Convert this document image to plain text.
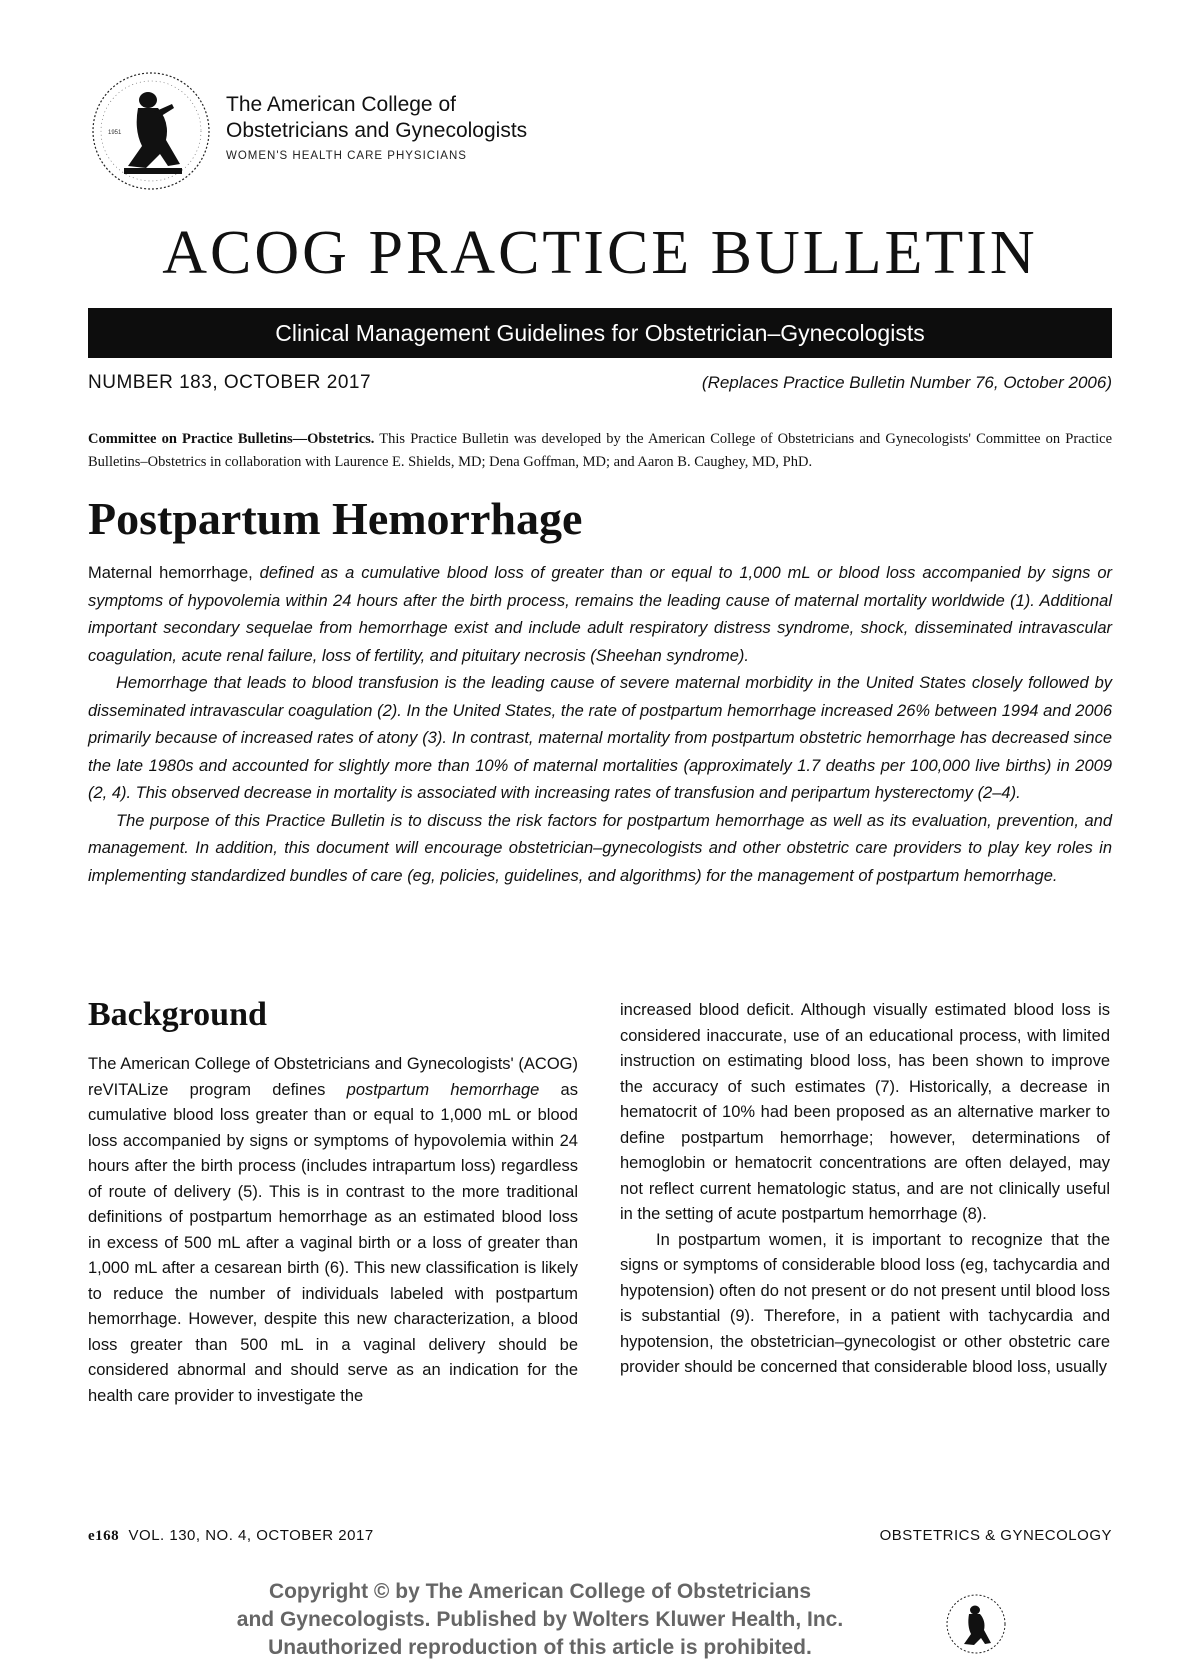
1951
The American College of
Obstetricians and Gynecologists
WOMEN'S HEALTH CARE PHYSICIANS
ACOG PRACTICE BULLETIN
Clinical Management Guidelines for Obstetrician–Gynecologists
NUMBER 183, OCTOBER 2017	(Replaces Practice Bulletin Number 76, October 2006)
Committee on Practice Bulletins—Obstetrics. This Practice Bulletin was developed by the American College of Obstetricians and Gynecologists' Committee on Practice Bulletins–Obstetrics in collaboration with Laurence E. Shields, MD; Dena Goffman, MD; and Aaron B. Caughey, MD, PhD.
Postpartum Hemorrhage

Maternal hemorrhage, defined as a cumulative blood loss of greater than or equal to 1,000 mL or blood loss accompanied by signs or symptoms of hypovolemia within 24 hours after the birth process, remains the leading cause of maternal mortality worldwide (1). Additional important secondary sequelae from hemorrhage exist and include adult respiratory distress syndrome, shock, disseminated intravascular coagulation, acute renal failure, loss of fertility, and pituitary necrosis (Sheehan syndrome).

Hemorrhage that leads to blood transfusion is the leading cause of severe maternal morbidity in the United States closely followed by disseminated intravascular coagulation (2). In the United States, the rate of postpartum hemorrhage increased 26% between 1994 and 2006 primarily because of increased rates of atony (3). In contrast, maternal mortality from postpartum obstetric hemorrhage has decreased since the late 1980s and accounted for slightly more than 10% of maternal mortalities (approximately 1.7 deaths per 100,000 live births) in 2009 (2, 4). This observed decrease in mortality is associated with increasing rates of transfusion and peripartum hysterectomy (2–4).

The purpose of this Practice Bulletin is to discuss the risk factors for postpartum hemorrhage as well as its evaluation, prevention, and management. In addition, this document will encourage obstetrician–gynecologists and other obstetric care providers to play key roles in implementing standardized bundles of care (eg, policies, guidelines, and algorithms) for the management of postpartum hemorrhage.

Background

The American College of Obstetricians and Gynecologists' (ACOG) reVITALize program defines postpartum hemorrhage as cumulative blood loss greater than or equal to 1,000 mL or blood loss accompanied by signs or symptoms of hypovolemia within 24 hours after the birth process (includes intrapartum loss) regardless of route of delivery (5). This is in contrast to the more traditional definitions of postpartum hemorrhage as an estimated blood loss in excess of 500 mL after a vaginal birth or a loss of greater than 1,000 mL after a cesarean birth (6). This new classification is likely to reduce the number of individuals labeled with postpartum hemorrhage. However, despite this new characterization, a blood loss greater than 500 mL in a vaginal delivery should be considered abnormal and should serve as an indication for the health care provider to investigate the

increased blood deficit. Although visually estimated blood loss is considered inaccurate, use of an educational process, with limited instruction on estimating blood loss, has been shown to improve the accuracy of such estimates (7). Historically, a decrease in hematocrit of 10% had been proposed as an alternative marker to define postpartum hemorrhage; however, determinations of hemoglobin or hematocrit concentrations are often delayed, may not reflect current hematologic status, and are not clinically useful in the setting of acute postpartum hemorrhage (8).

In postpartum women, it is important to recognize that the signs or symptoms of considerable blood loss (eg, tachycardia and hypotension) often do not present or do not present until blood loss is substantial (9). Therefore, in a patient with tachycardia and hypotension, the obstetrician–gynecologist or other obstetric care provider should be concerned that considerable blood loss, usually

e168 VOL. 130, NO. 4, OCTOBER 2017	OBSTETRICS & GYNECOLOGY
Copyright © by The American College of Obstetricians
and Gynecologists. Published by Wolters Kluwer Health, Inc.
Unauthorized reproduction of this article is prohibited.
